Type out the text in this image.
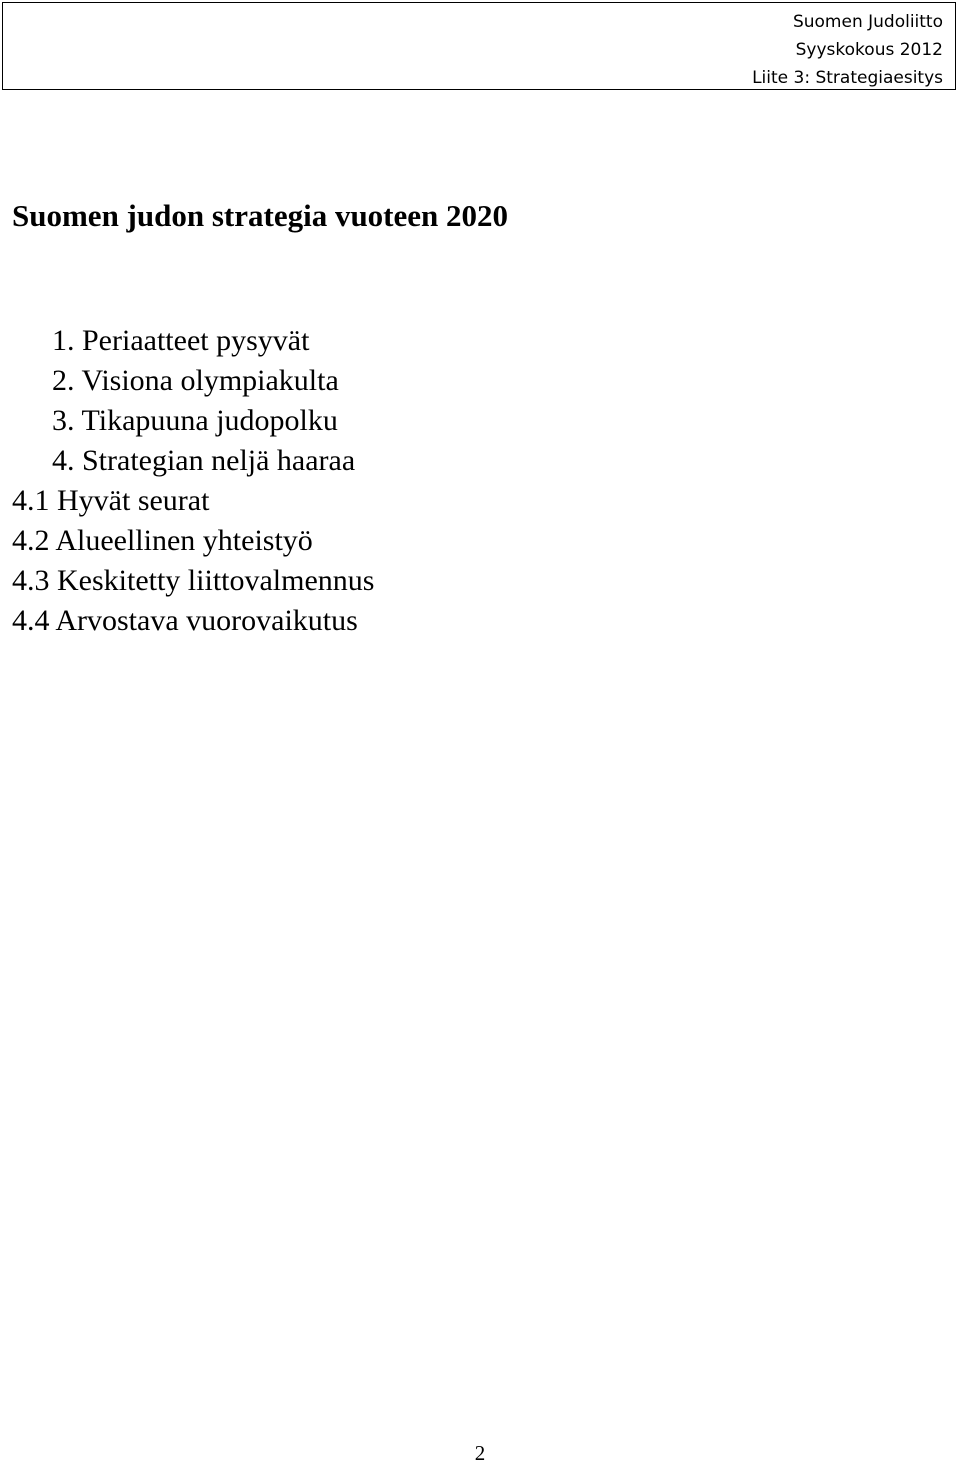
Suomen Judoliitto
Syyskokous 2012
Liite 3: Strategiaesitys
Suomen judon strategia vuoteen 2020
1. Periaatteet pysyvät
2. Visiona olympiakulta
3. Tikapuuna judopolku
4. Strategian neljä haaraa
4.1 Hyvät seurat
4.2 Alueellinen yhteistyö
4.3 Keskitetty liittovalmennus
4.4 Arvostava vuorovaikutus
2
